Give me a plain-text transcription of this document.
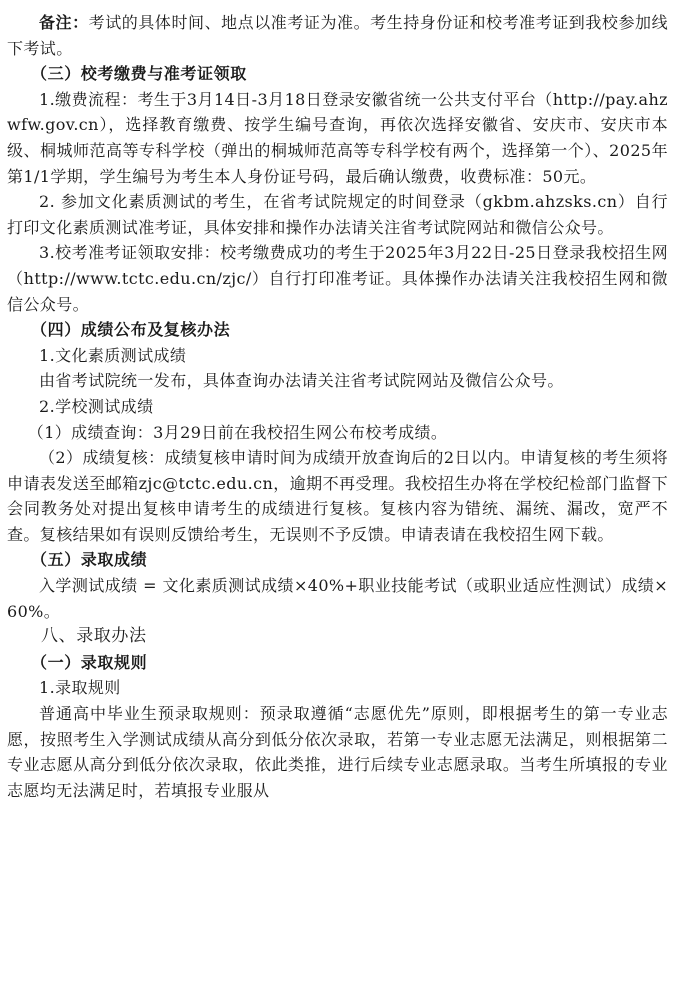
备注：考试的具体时间、地点以准考证为准。考生持身份证和校考准考证到我校参加线下考试。

（三）校考缴费与准考证领取

1.缴费流程：考生于3月14日-3月18日登录安徽省统一公共支付平台（http://pay.ahzwfw.gov.cn），选择教育缴费、按学生编号查询，再依次选择安徽省、安庆市、安庆市本级、桐城师范高等专科学校（弹出的桐城师范高等专科学校有两个，选择第一个）、2025年第1/1学期，学生编号为考生本人身份证号码，最后确认缴费，收费标准：50元。

2. 参加文化素质测试的考生，在省考试院规定的时间登录（gkbm.ahzsks.cn）自行打印文化素质测试准考证，具体安排和操作办法请关注省考试院网站和微信公众号。

3.校考准考证领取安排：校考缴费成功的考生于2025年3月22日-25日登录我校招生网（http://www.tctc.edu.cn/zjc/）自行打印准考证。具体操作办法请关注我校招生网和微信公众号。

（四）成绩公布及复核办法

1.文化素质测试成绩

由省考试院统一发布，具体查询办法请关注省考试院网站及微信公众号。

2.学校测试成绩

（1）成绩查询：3月29日前在我校招生网公布校考成绩。

（2）成绩复核：成绩复核申请时间为成绩开放查询后的2日以内。申请复核的考生须将申请表发送至邮箱zjc@tctc.edu.cn，逾期不再受理。我校招生办将在学校纪检部门监督下会同教务处对提出复核申请考生的成绩进行复核。复核内容为错统、漏统、漏改，宽严不查。复核结果如有误则反馈给考生，无误则不予反馈。申请表请在我校招生网下载。

（五）录取成绩

入学测试成绩 = 文化素质测试成绩×40%+职业技能考试（或职业适应性测试）成绩×60%。

八、录取办法

（一）录取规则

1.录取规则

普通高中毕业生预录取规则：预录取遵循“志愿优先”原则，即根据考生的第一专业志愿，按照考生入学测试成绩从高分到低分依次录取，若第一专业志愿无法满足，则根据第二专业志愿从高分到低分依次录取，依此类推，进行后续专业志愿录取。当考生所填报的专业志愿均无法满足时，若填报专业服从
